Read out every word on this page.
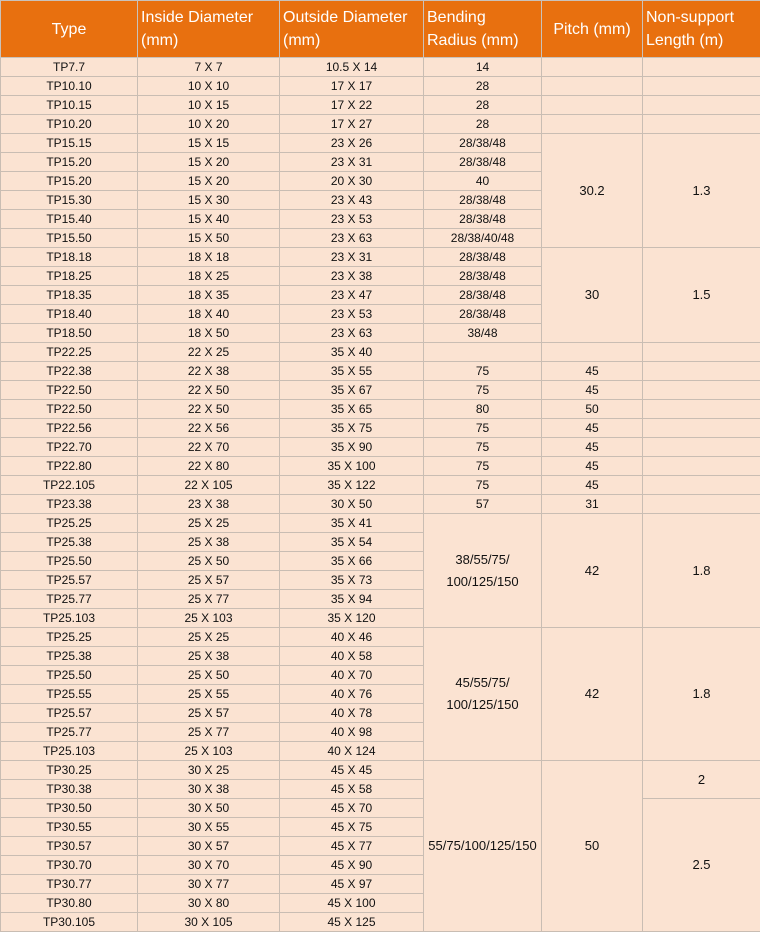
Type	Inside Diameter (mm)	Outside Diameter (mm)	Bending Radius (mm)	Pitch (mm)	Non-support Length (m)
TP7.7	7 X 7	10.5 X 14	14		
TP10.10	10 X 10	17 X 17	28		
TP10.15	10 X 15	17 X 22	28		
TP10.20	10 X 20	17 X 27	28		
TP15.15	15 X 15	23 X 26	28/38/48	30.2	1.3
TP15.20	15 X 20	23 X 31	28/38/48		
TP15.20	15 X 20	20 X 30	40		
TP15.30	15 X 30	23 X 43	28/38/48		
TP15.40	15 X 40	23 X 53	28/38/48		
TP15.50	15 X 50	23 X 63	28/38/40/48		
TP18.18	18 X 18	23 X 31	28/38/48	30	1.5
TP18.25	18 X 25	23 X 38	28/38/48		
TP18.35	18 X 35	23 X 47	28/38/48		
TP18.40	18 X 40	23 X 53	28/38/48		
TP18.50	18 X 50	23 X 63	38/48		
TP22.25	22 X 25	35 X 40			
TP22.38	22 X 38	35 X 55	75	45	
TP22.50	22 X 50	35 X 67	75	45	
TP22.50	22 X 50	35 X 65	80	50	
TP22.56	22 X 56	35 X 75	75	45	
TP22.70	22 X 70	35 X 90	75	45	
TP22.80	22 X 80	35 X 100	75	45	
TP22.105	22 X 105	35 X 122	75	45	
TP23.38	23 X 38	30 X 50	57	31	
TP25.25	25 X 25	35 X 41	38/55/75/ 100/125/150	42	1.8
TP25.38	25 X 38	35 X 54			
TP25.50	25 X 50	35 X 66			
TP25.57	25 X 57	35 X 73			
TP25.77	25 X 77	35 X 94			
TP25.103	25 X 103	35 X 120			
TP25.25	25 X 25	40 X 46	45/55/75/ 100/125/150	42	1.8
TP25.38	25 X 38	40 X 58			
TP25.50	25 X 50	40 X 70			
TP25.55	25 X 55	40 X 76			
TP25.57	25 X 57	40 X 78			
TP25.77	25 X 77	40 X 98			
TP25.103	25 X 103	40 X 124			
TP30.25	30 X 25	45 X 45	55/75/100/125/150	50	2
TP30.38	30 X 38	45 X 58			
TP30.50	30 X 50	45 X 70			2.5
TP30.55	30 X 55	45 X 75			
TP30.57	30 X 57	45 X 77			
TP30.70	30 X 70	45 X 90			
TP30.77	30 X 77	45 X 97			
TP30.80	30 X 80	45 X 100			
TP30.105	30 X 105	45 X 125			
